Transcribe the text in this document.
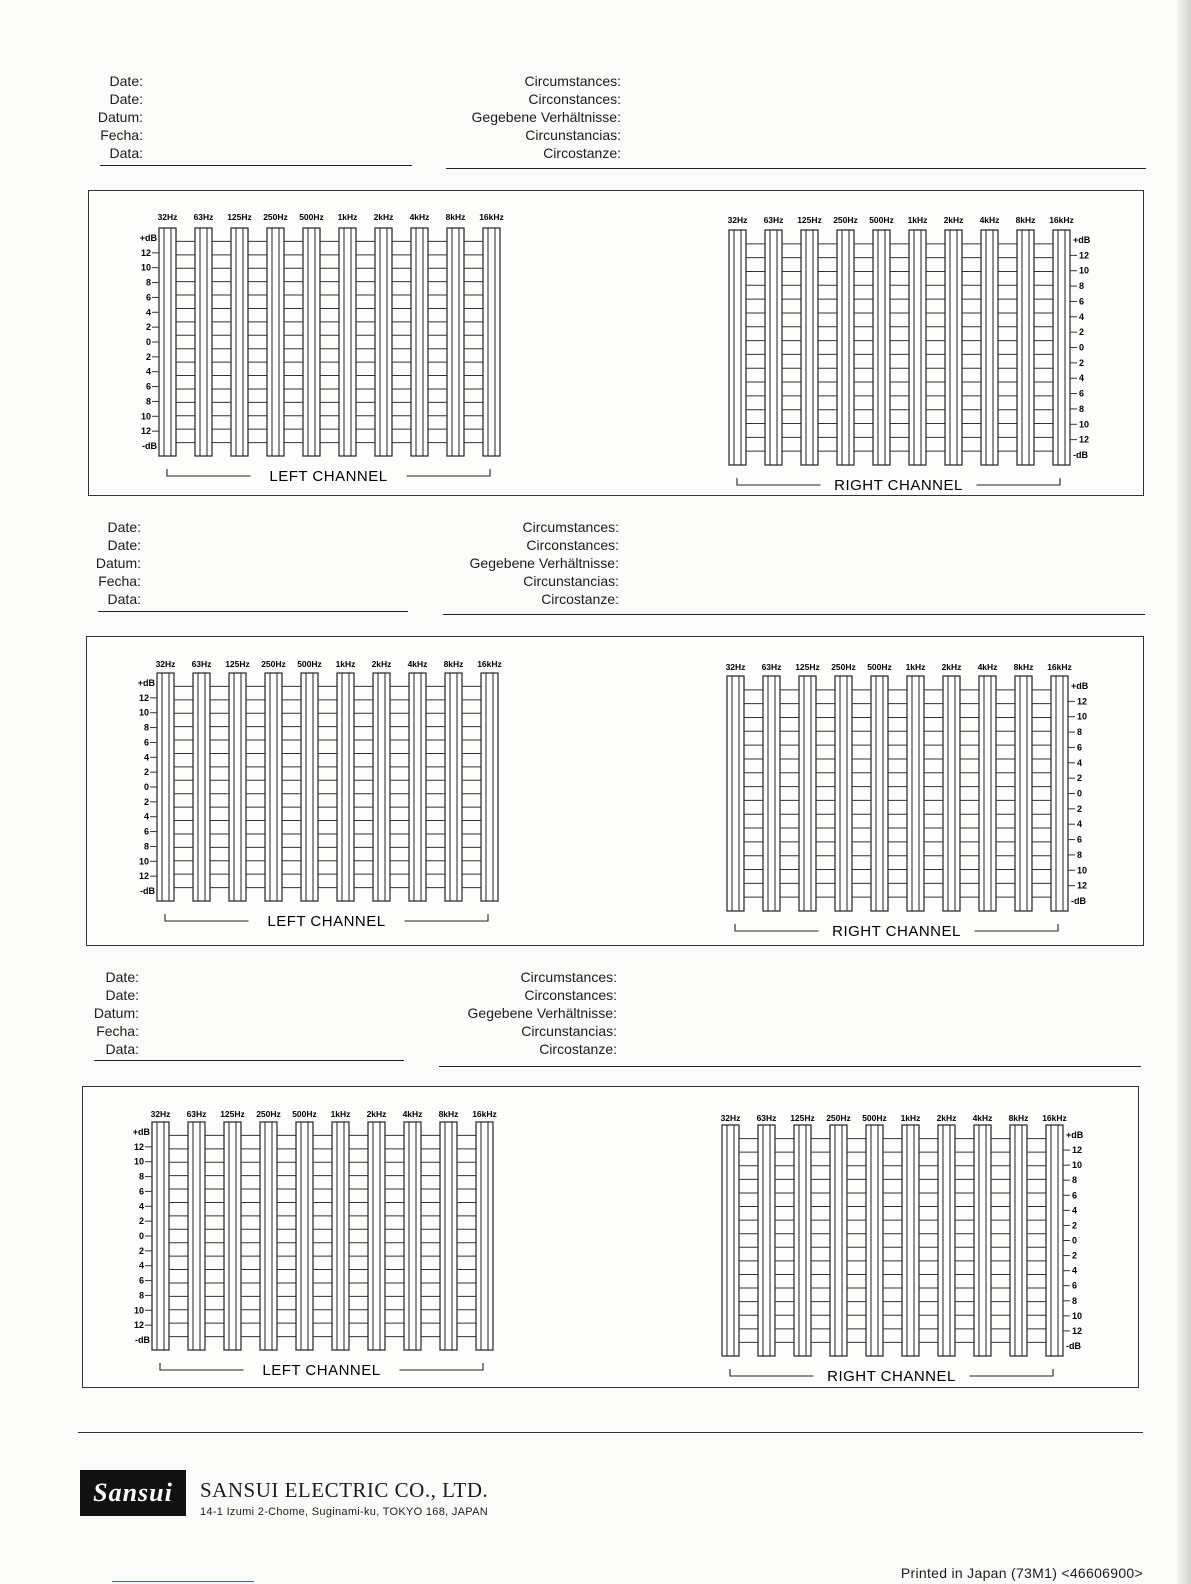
Date:
Date:
Datum:
Fecha:
Data:
Circumstances:
Circonstances:
Gegebene Verhältnisse:
Circunstancias:
Circostanze:
Date:
Date:
Datum:
Fecha:
Data:
Circumstances:
Circonstances:
Gegebene Verhältnisse:
Circunstancias:
Circostanze:
Date:
Date:
Datum:
Fecha:
Data:
Circumstances:
Circonstances:
Gegebene Verhältnisse:
Circunstancias:
Circostanze:
32Hz 63Hz 125Hz 250Hz 500Hz 1kHz 2kHz 4kHz 8kHz 16kHz
+dB
12
10
8
6
4
2
0
2
4
6
8
10
12
-dB
LEFT CHANNEL
32Hz 63Hz 125Hz 250Hz 500Hz 1kHz 2kHz 4kHz 8kHz 16kHz
+dB
12
10
8
6
4
2
0
2
4
6
8
10
12
-dB
RIGHT CHANNEL
32Hz 63Hz 125Hz 250Hz 500Hz 1kHz 2kHz 4kHz 8kHz 16kHz
+dB
12
10
8
6
4
2
0
2
4
6
8
10
12
-dB
LEFT CHANNEL
32Hz 63Hz 125Hz 250Hz 500Hz 1kHz 2kHz 4kHz 8kHz 16kHz
+dB
12
10
8
6
4
2
0
2
4
6
8
10
12
-dB
RIGHT CHANNEL
32Hz 63Hz 125Hz 250Hz 500Hz 1kHz 2kHz 4kHz 8kHz 16kHz
+dB
12
10
8
6
4
2
0
2
4
6
8
10
12
-dB
LEFT CHANNEL
32Hz 63Hz 125Hz 250Hz 500Hz 1kHz 2kHz 4kHz 8kHz 16kHz
+dB
12
10
8
6
4
2
0
2
4
6
8
10
12
-dB
RIGHT CHANNEL
Sansui	SANSUI ELECTRIC CO., LTD.
14-1 Izumi 2-Chome, Suginami-ku, TOKYO 168, JAPAN
Printed in Japan (73M1) <46606900>
